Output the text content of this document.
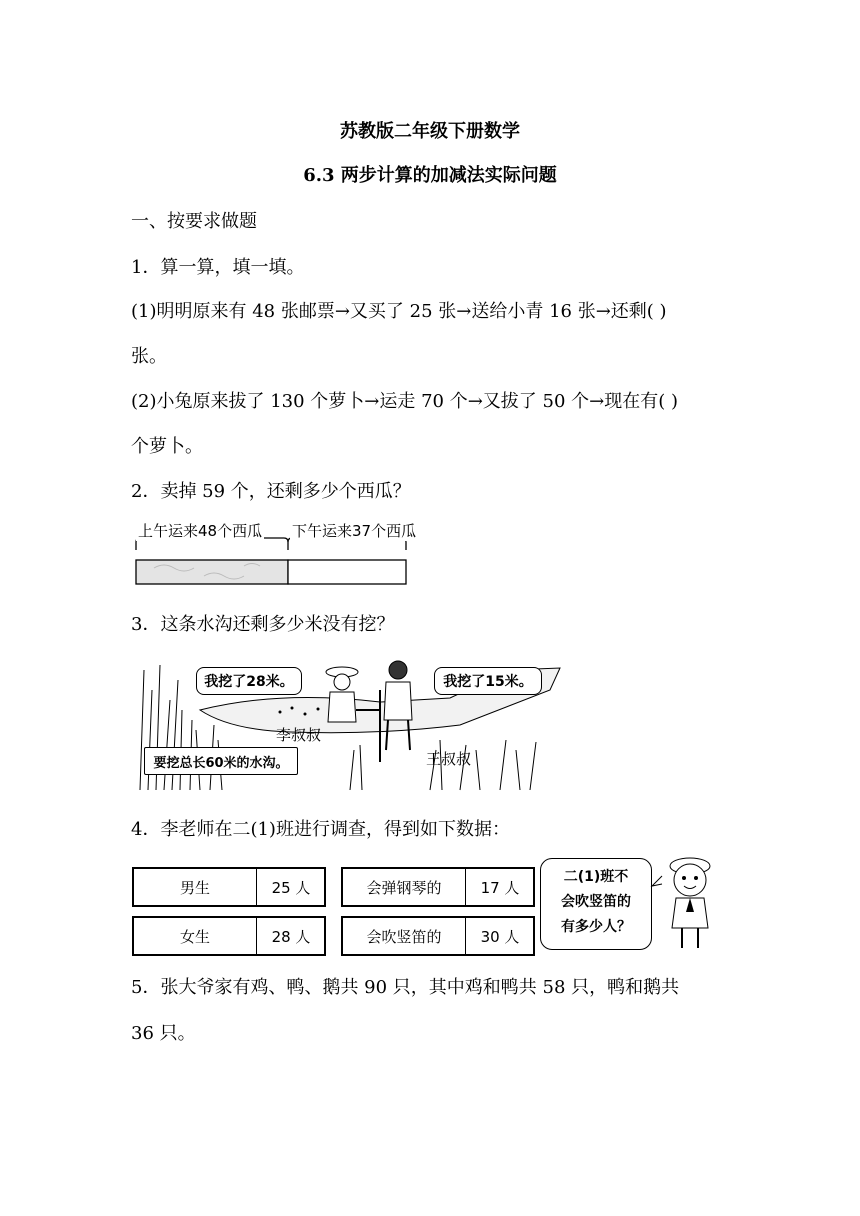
苏教版二年级下册数学
6.3 两步计算的加减法实际问题
一、按要求做题
1．算一算，填一填。
(1)明明原来有 48 张邮票→又买了 25 张→送给小青 16 张→还剩( )
张。
(2)小兔原来拔了 130 个萝卜→运走 70 个→又拔了 50 个→现在有( )
个萝卜。
2．卖掉 59 个，还剩多少个西瓜？
上午运来48个西瓜 下午运来37个西瓜
3．这条水沟还剩多少米没有挖？
我挖了28米。	我挖了15米。
李叔叔
王叔叔
要挖总长60米的水沟。
4．李老师在二(1)班进行调查，得到如下数据：
男生	25 人
女生	28 人
会弹钢琴的	17 人
会吹竖笛的	30 人
二(1)班不
会吹竖笛的
有多少人？
5．张大爷家有鸡、鸭、鹅共 90 只，其中鸡和鸭共 58 只，鸭和鹅共
36 只。
